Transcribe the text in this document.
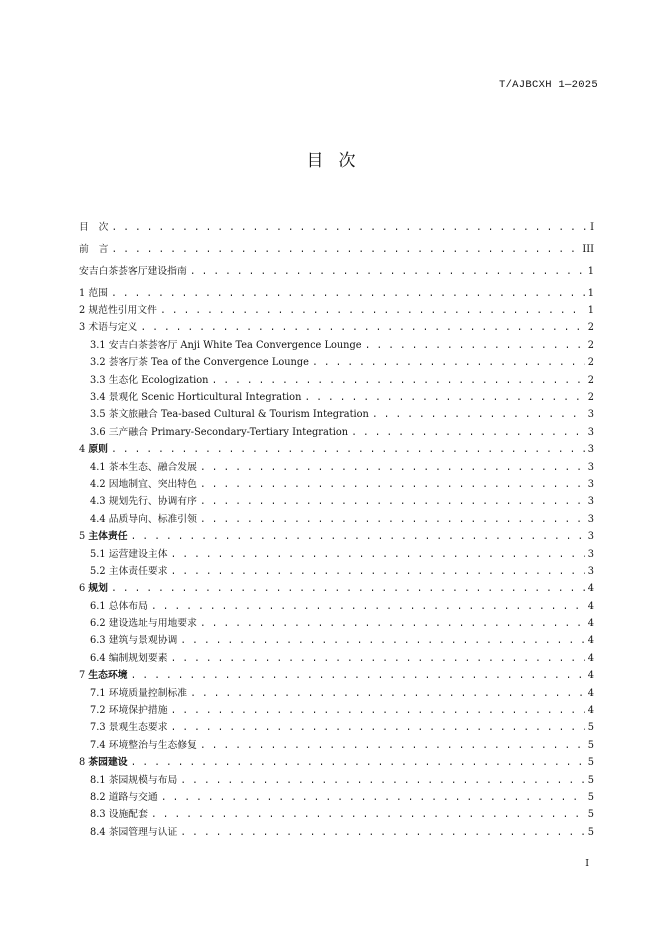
T/AJBCXH 1—2025
目次
目　次 . . .	I
前　言 . . .	III
安吉白茶荟客厅建设指南 . . .	1
1 范围 . . .	1
2 规范性引用文件 . . .	1
3 术语与定义 . . .	2
3.1 安吉白茶荟客厅 Anji White Tea Convergence Lounge . . .	2
3.2 荟客厅茶 Tea of the Convergence Lounge . . .	2
3.3 生态化 Ecologization . . .	2
3.4 景观化 Scenic Horticultural Integration . . .	2
3.5 茶文旅融合 Tea-based Cultural & Tourism Integration . . .	3
3.6 三产融合 Primary-Secondary-Tertiary Integration . . .	3
4 原则 . . .	3
4.1 茶本生态、融合发展 . . .	3
4.2 因地制宜、突出特色 . . .	3
4.3 规划先行、协调有序 . . .	3
4.4 品质导向、标准引领 . . .	3
5 主体责任 . . .	3
5.1 运营建设主体 . . .	3
5.2 主体责任要求 . . .	3
6 规划 . . .	4
6.1 总体布局 . . .	4
6.2 建设选址与用地要求 . . .	4
6.3 建筑与景观协调 . . .	4
6.4 编制规划要素 . . .	4
7 生态环境 . . .	4
7.1 环境质量控制标准 . . .	4
7.2 环境保护措施 . . .	4
7.3 景观生态要求 . . .	5
7.4 环境整治与生态修复 . . .	5
8 茶园建设 . . .	5
8.1 茶园规模与布局 . . .	5
8.2 道路与交通 . . .	5
8.3 设施配套 . . .	5
8.4 茶园管理与认证 . . .	5
I
